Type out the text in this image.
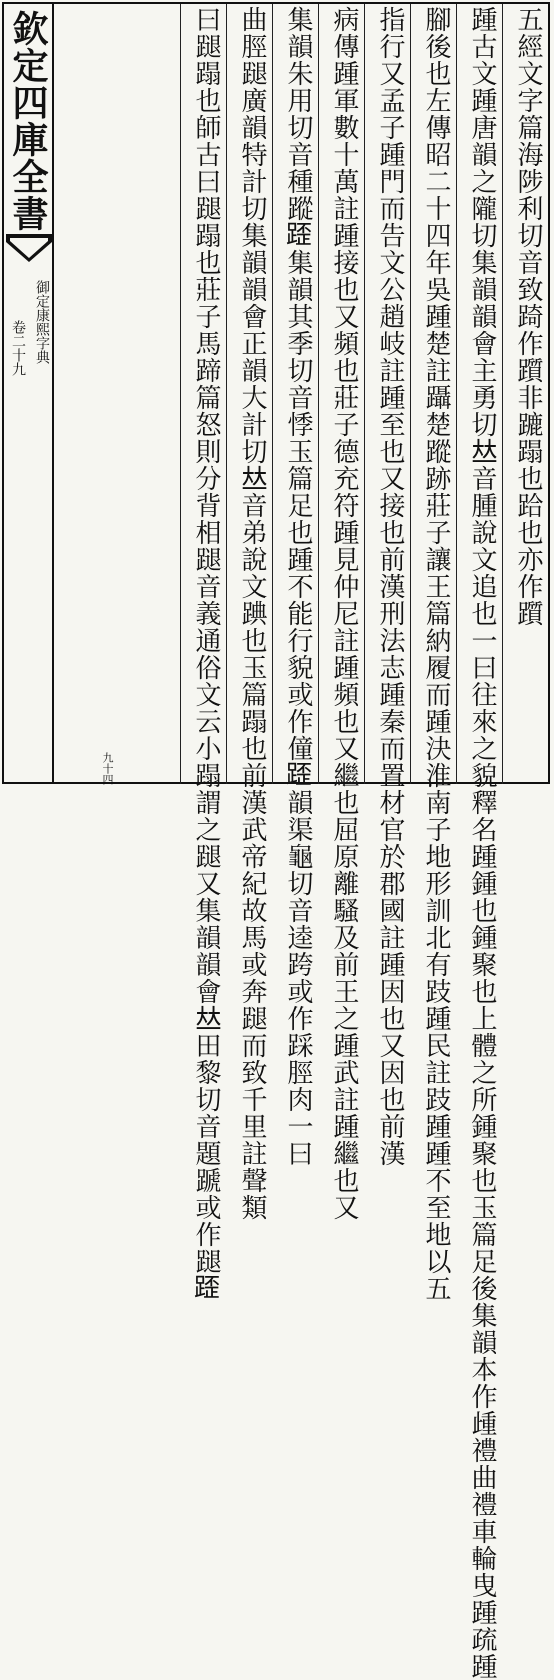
欽定四庫全書
御定康熙字典
卷二十九
九十四
五經文字篇海陟利切音致踦作躓非蹗蹋也跲也亦作躓
踵古文踵唐韻之隴切集韻韻會主勇切𠀤音腫說文追也一曰往來之貌釋名踵鍾也鍾聚也上體之所鍾聚也玉篇足後集韻本作歱禮曲禮車輪曳踵疏踵
腳後也左傳昭二十四年吳踵楚註躡楚蹤跡莊子讓王篇納履而踵決淮南子地形訓北有跂踵民註跂踵踵不至地以五
指行又孟子踵門而告文公趙岐註踵至也又接也前漢刑法志踵秦而置材官於郡國註踵因也又因也前漢
病傳踵軍數十萬註踵接也又頻也莊子德充符踵見仲尼註踵頻也又繼也屈原離騷及前王之踵武註踵繼也又
集韻朱用切音種蹤𨂿集韻其季切音悸玉篇足也踵不能行貌或作僮𨂿韻渠龜切音逵跨或作踩脛肉一曰
曲脛蹆廣韻特計切集韻韻會正韻大計切𠀤音弟說文䠄也玉篇蹋也前漢武帝紀故馬或奔蹆而致千里註聲類
曰蹆蹋也師古曰蹆蹋也莊子馬蹄篇怒則分背相蹆音義通俗文云小蹋謂之蹆又集韻韻會𠀤田黎切音題蹏或作蹆𨂿
